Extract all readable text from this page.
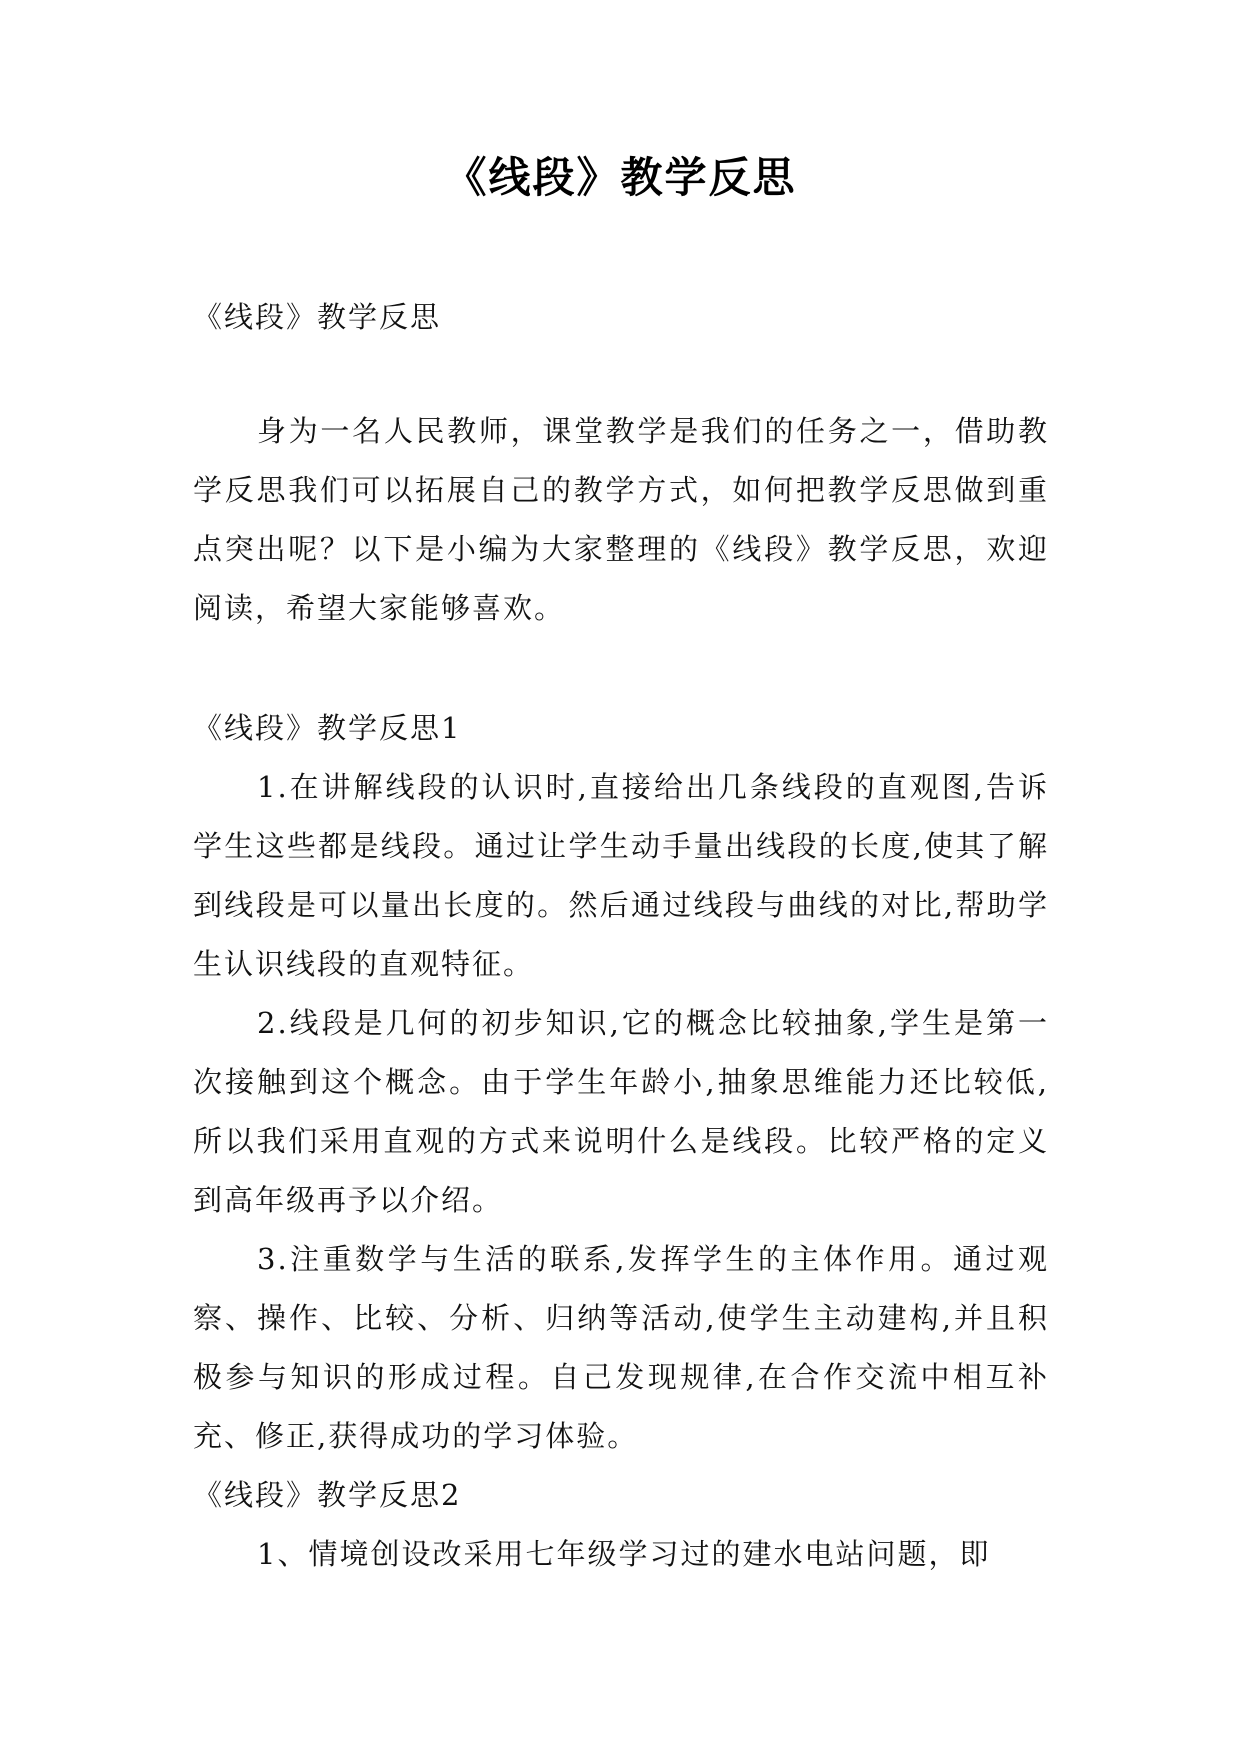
《线段》教学反思

《线段》教学反思

身为一名人民教师，课堂教学是我们的任务之一，借助教学反思我们可以拓展自己的教学方式，如何把教学反思做到重点突出呢？以下是小编为大家整理的《线段》教学反思，欢迎阅读，希望大家能够喜欢。

《线段》教学反思1

1.在讲解线段的认识时,直接给出几条线段的直观图,告诉学生这些都是线段。通过让学生动手量出线段的长度,使其了解到线段是可以量出长度的。然后通过线段与曲线的对比,帮助学生认识线段的直观特征。

2.线段是几何的初步知识,它的概念比较抽象,学生是第一次接触到这个概念。由于学生年龄小,抽象思维能力还比较低,所以我们采用直观的方式来说明什么是线段。比较严格的定义到高年级再予以介绍。

3.注重数学与生活的联系,发挥学生的主体作用。通过观察、操作、比较、分析、归纳等活动,使学生主动建构,并且积极参与知识的形成过程。自己发现规律,在合作交流中相互补充、修正,获得成功的学习体验。

《线段》教学反思2

1、情境创设改采用七年级学习过的建水电站问题，即
